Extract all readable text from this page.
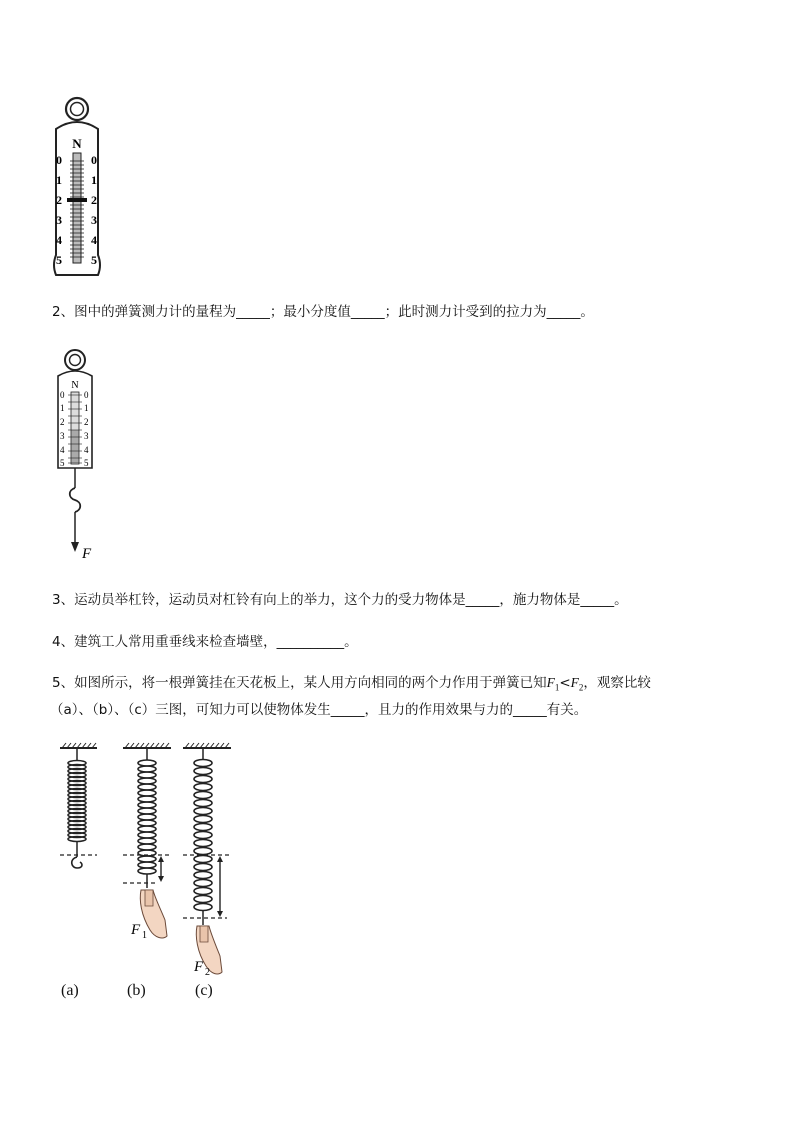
N
0
1
2
3
4
5
0
1
2
3
4
5
2、图中的弹簧测力计的量程为_____；最小分度值_____；此时测力计受到的拉力为_____。
N
0
1
2
3
4
5
0
1
2
3
4
5
F
3、运动员举杠铃，运动员对杠铃有向上的举力，这个力的受力物体是_____，施力物体是_____。
4、建筑工人常用重垂线来检查墙壁，__________。
5、如图所示，将一根弹簧挂在天花板上，某人用方向相同的两个力作用于弹簧已知$F_1<F_2$，观察比较
（a）、（b）、（c）三图，可知力可以使物体发生_____，且力的作用效果与力的_____有关。
F 1
F 2
(a)	(b)	(c)
